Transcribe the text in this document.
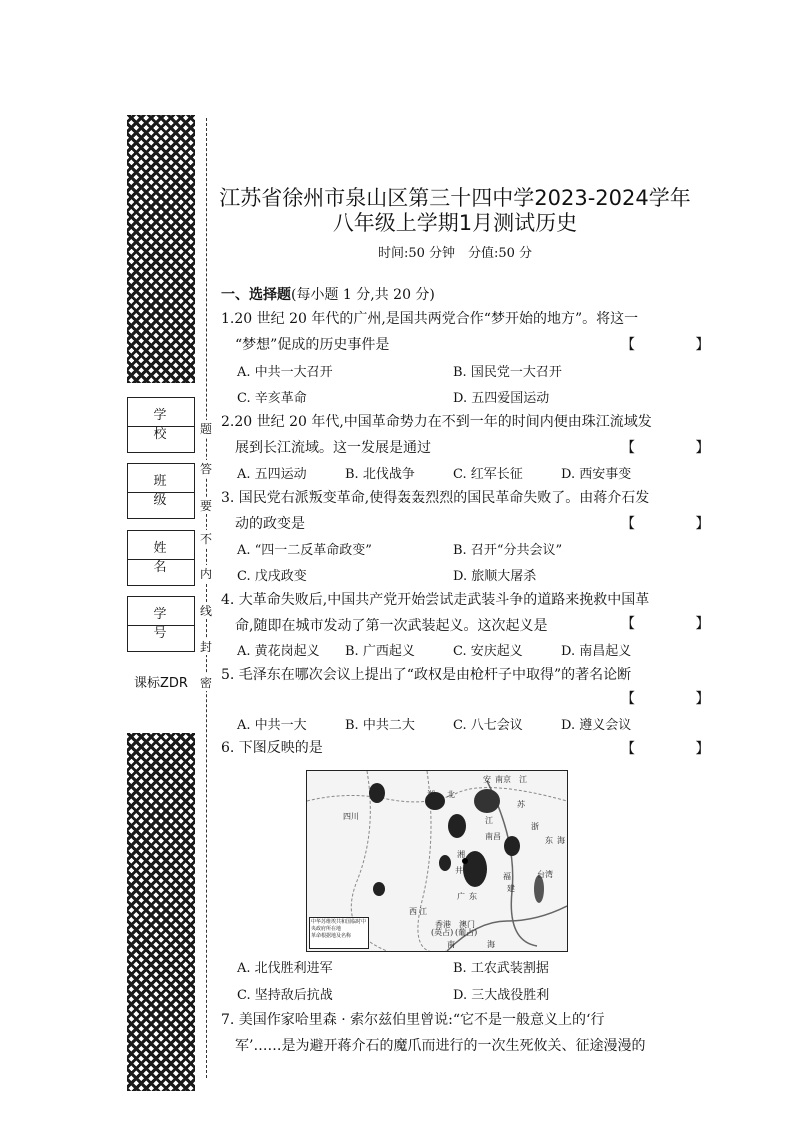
学 校
班 级
姓 名
学 号
课标ZDR
题
答
要
不
内
线
封
密
江苏省徐州市泉山区第三十四中学2023-2024学年
八年级上学期1月测试历史
时间:50 分钟　分值:50 分
一、选择题(每小题 1 分,共 20 分)
1.20 世纪 20 年代的广州,是国共两党合作“梦开始的地方”。将这一
“梦想”促成的历史事件是	【 】
A. 中共一大召开	B. 国民党一大召开
C. 辛亥革命	D. 五四爱国运动
2.20 世纪 20 年代,中国革命势力在不到一年的时间内便由珠江流域发
展到长江流域。这一发展是通过	【 】
A. 五四运动	B. 北伐战争	C. 红军长征	D. 西安事变
3. 国民党右派叛变革命,使得轰轰烈烈的国民革命失败了。由蒋介石发
动的政变是	【 】
A. “四一二反革命政变”	B. 召开“分共会议”
C. 戊戌政变	D. 旅顺大屠杀
4. 大革命失败后,中国共产党开始尝试走武装斗争的道路来挽救中国革
命,随即在城市发动了第一次武装起义。这次起义是	【 】
A. 黄花岗起义 B. 广西起义	C. 安庆起义	D. 南昌起义
5. 毛泽东在哪次会议上提出了“政权是由枪杆子中取得”的著名论断
【 】
A. 中共一大	B. 中共二大	C. 八七会议	D. 遵义会议
6. 下图反映的是	【 】
四川
安 南京 江
湖 北
江
苏
浙
湘
东 海
福
建
南昌
井冈山
广 东
台湾
西 江
香港
(英占)
澳门
(葡占)
南	海
中华苏维埃共和国临时中央政府所在地
革命根据地及名称
A. 北伐胜利进军	B. 工农武装割据
C. 坚持敌后抗战	D. 三大战役胜利
7. 美国作家哈里森 · 索尔兹伯里曾说:“它不是一般意义上的‘行
军’……是为避开蒋介石的魔爪而进行的一次生死攸关、征途漫漫的
